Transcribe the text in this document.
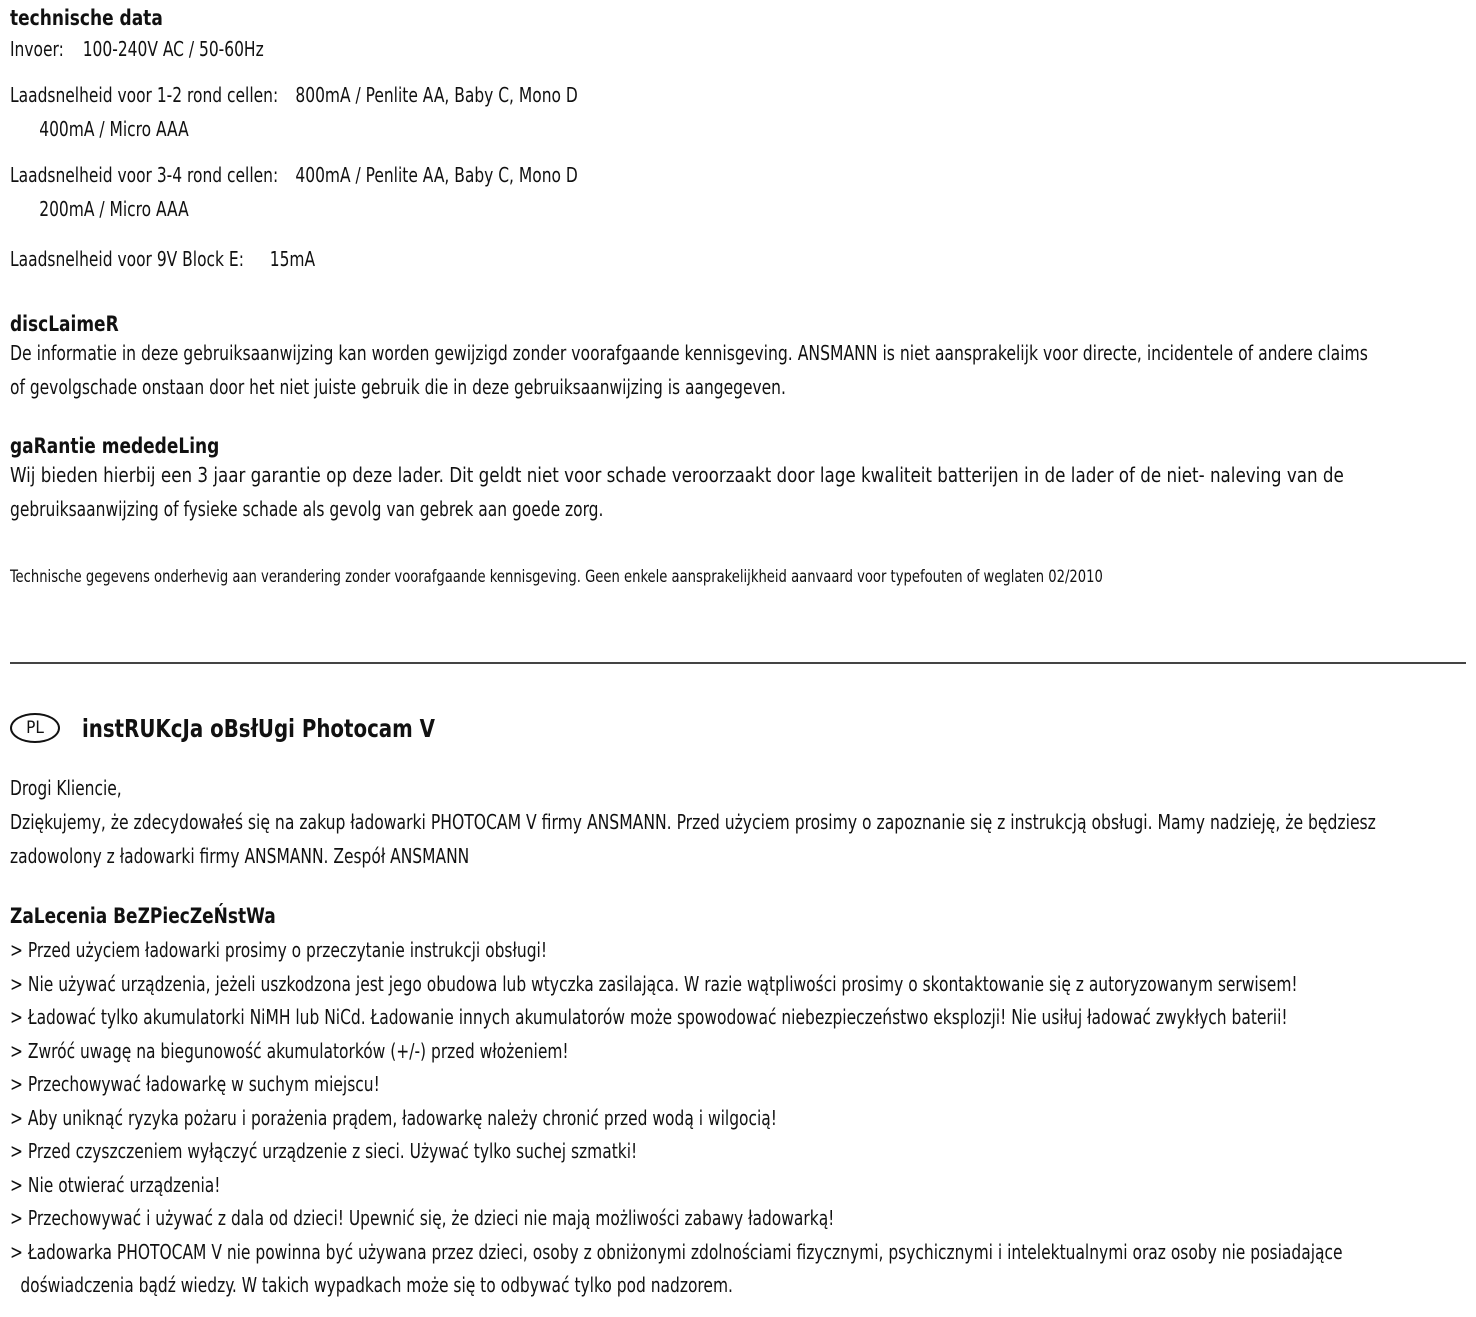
technische data
Invoer: 100-240V AC / 50-60Hz
Laadsnelheid voor 1-2 rond cellen: 800mA / Penlite AA, Baby C, Mono D
400mA / Micro AAA
Laadsnelheid voor 3-4 rond cellen: 400mA / Penlite AA, Baby C, Mono D
200mA / Micro AAA
Laadsnelheid voor 9V Block E: 15mA
discLaimeR
De informatie in deze gebruiksaanwijzing kan worden gewijzigd zonder voorafgaande kennisgeving. ANSMANN is niet aansprakelijk voor directe, incidentele of andere claims
of gevolgschade onstaan door het niet juiste gebruik die in deze gebruiksaanwijzing is aangegeven.
gaRantie mededeLing
Wij bieden hierbij een 3 jaar garantie op deze lader. Dit geldt niet voor schade veroorzaakt door lage kwaliteit batterijen in de lader of de niet- naleving van de
gebruiksaanwijzing of fysieke schade als gevolg van gebrek aan goede zorg.
Technische gegevens onderhevig aan verandering zonder voorafgaande kennisgeving. Geen enkele aansprakelijkheid aanvaard voor typefouten of weglaten 02/2010
PL	instRUKcJa oBsłUgi Photocam V
Drogi Kliencie,
Dziękujemy, że zdecydowałeś się na zakup ładowarki PHOTOCAM V firmy ANSMANN. Przed użyciem prosimy o zapoznanie się z instrukcją obsługi. Mamy nadzieję, że będziesz
zadowolony z ładowarki firmy ANSMANN. Zespół ANSMANN
ZaLecenia BeZPiecZeŃstWa
> Przed użyciem ładowarki prosimy o przeczytanie instrukcji obsługi!
> Nie używać urządzenia, jeżeli uszkodzona jest jego obudowa lub wtyczka zasilająca. W razie wątpliwości prosimy o skontaktowanie się z autoryzowanym serwisem!
> Ładować tylko akumulatorki NiMH lub NiCd. Ładowanie innych akumulatorów może spowodować niebezpieczeństwo eksplozji! Nie usiłuj ładować zwykłych baterii!
> Zwróć uwagę na biegunowość akumulatorków (+/-) przed włożeniem!
> Przechowywać ładowarkę w suchym miejscu!
> Aby uniknąć ryzyka pożaru i porażenia prądem, ładowarkę należy chronić przed wodą i wilgocią!
> Przed czyszczeniem wyłączyć urządzenie z sieci. Używać tylko suchej szmatki!
> Nie otwierać urządzenia!
> Przechowywać i używać z dala od dzieci! Upewnić się, że dzieci nie mają możliwości zabawy ładowarką!
> Ładowarka PHOTOCAM V nie powinna być używana przez dzieci, osoby z obniżonymi zdolnościami fizycznymi, psychicznymi i intelektualnymi oraz osoby nie posiadające
doświadczenia bądź wiedzy. W takich wypadkach może się to odbywać tylko pod nadzorem.
